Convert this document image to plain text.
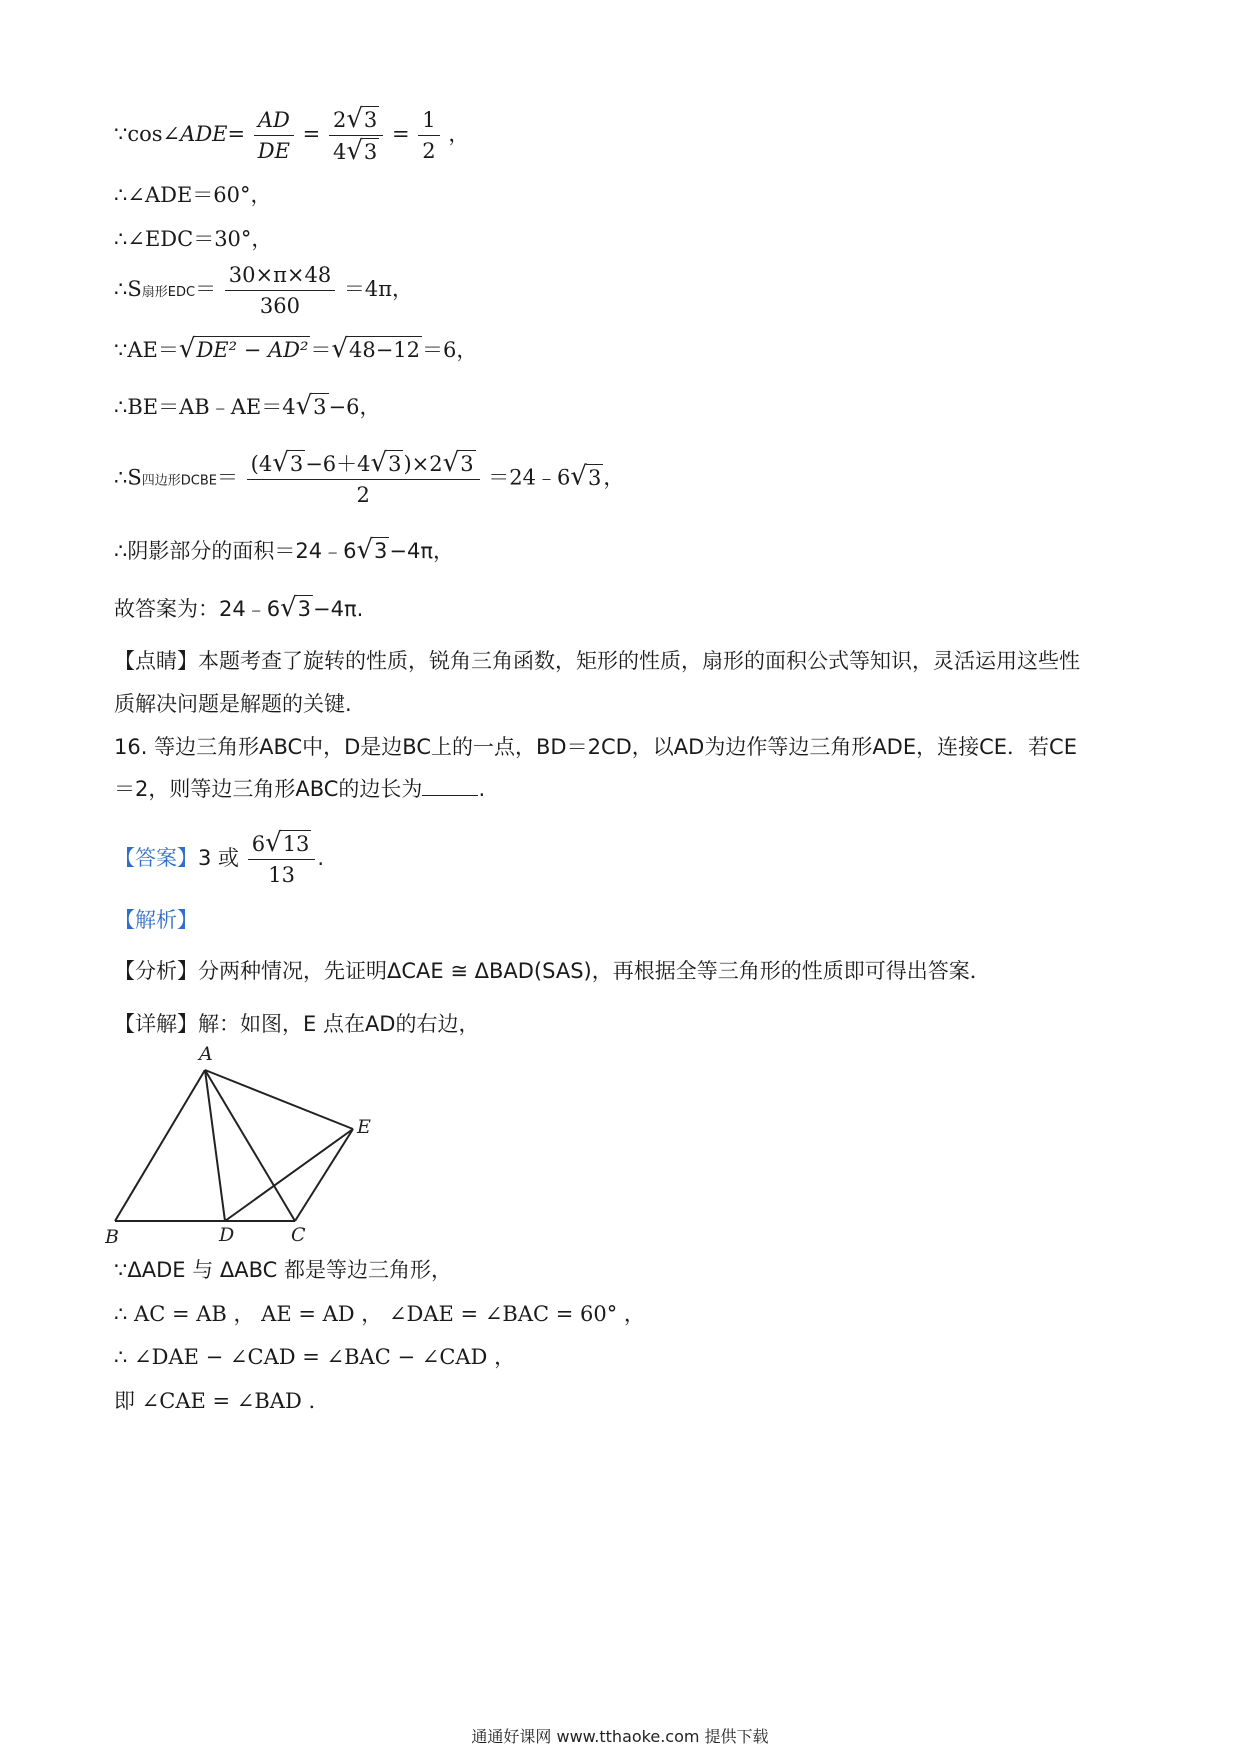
∵cos∠ADE= $\frac{AD}{DE} = \frac{2√3}{4√3} = \frac{1}{2}$ ，
∴∠ADE＝60°，
∴∠EDC＝30°，
∴S扇形$EDC= \frac{30\times\pi\times 48}{360} =4\pi$，
∵AE＝√DE² − AD²＝√48−12＝6，
∴BE＝AB﹣AE＝4√3−6，
∴S四边形DCBE＝ $\frac{(4√3-6+4√3)\times 2√3}{2}$ ＝24﹣6√3，
∴阴影部分的面积＝24﹣6√3−4π，
故答案为：24﹣6√3−4π.
【点睛】本题考查了旋转的性质，锐角三角函数，矩形的性质，扇形的面积公式等知识，灵活运用这些性
质解决问题是解题的关键.
16. 等边三角形ABC中，D是边BC上的一点，BD＝2CD，以AD为边作等边三角形ADE，连接CE．若CE
＝2，则等边三角形ABC的边长为	.
【答案】3 或 $\frac{6√13}{13}$ .
【解析】
【分析】分两种情况，先证明ΔCAE ≅ ΔBAD(SAS)，再根据全等三角形的性质即可得出答案．
【详解】解：如图，E 点在AD的右边，
A
B	C
D
E
∵ΔADE 与 ΔABC 都是等边三角形，
∴ AC = AB ， AE = AD ， ∠DAE = ∠BAC = 60° ，
∴ ∠DAE − ∠CAD = ∠BAC − ∠CAD ，
即 ∠CAE = ∠BAD .
通通好课网 www.tthaoke.com 提供下载
